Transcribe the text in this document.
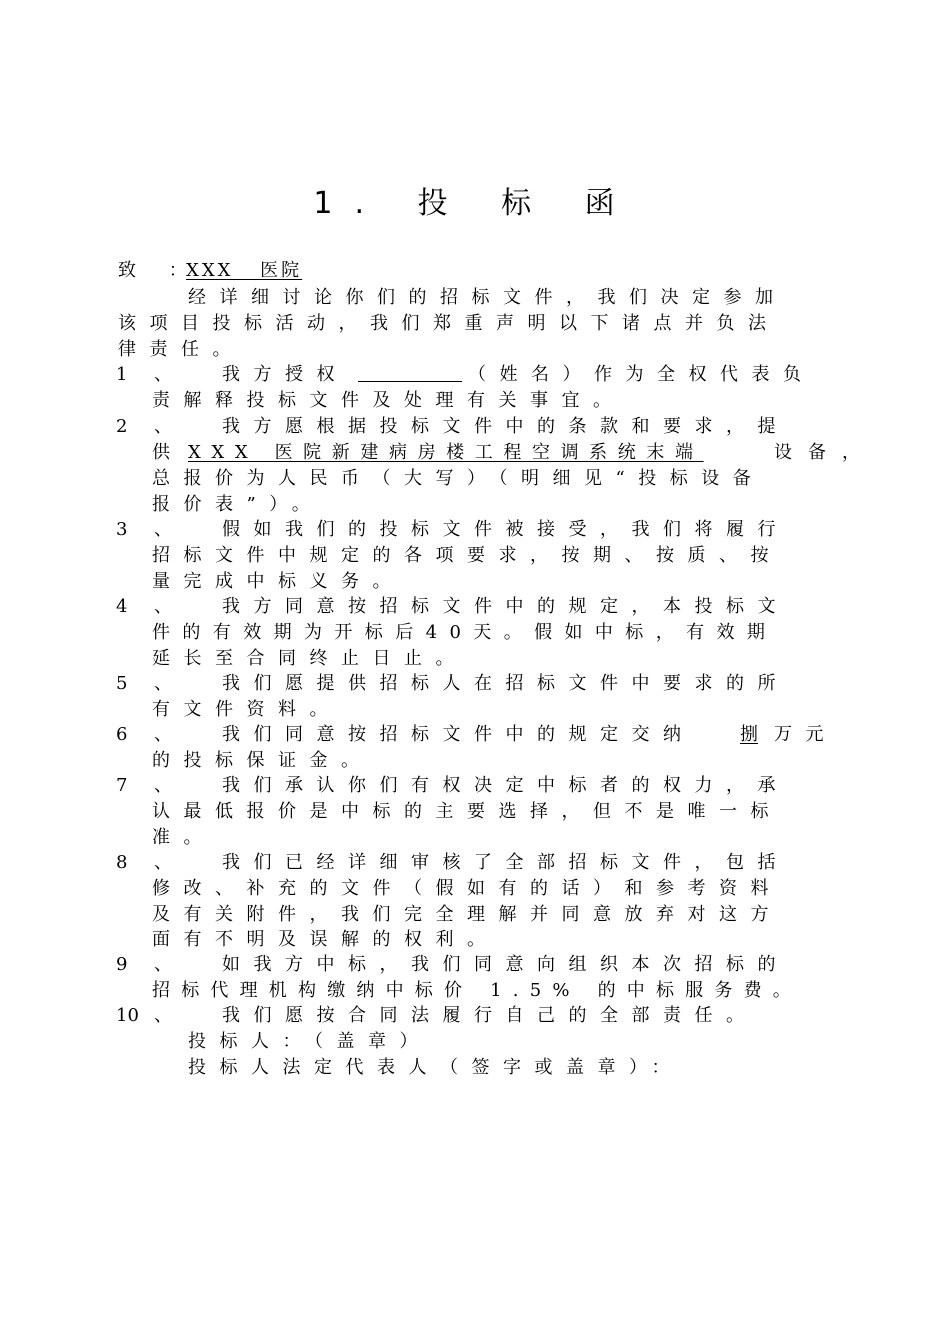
1. 投 标 函
致 ：
XXX 医院
经详细讨论你们的招标文件，我们决定参加
该项目投标活动，我们郑重声明以下诸点并负法
律责任。
1 、	我方授权	（姓名）作为全权代表负
责解释投标文件及处理有关事宜。
2 、	我方愿根据投标文件中的条款和要求，提
供 XXX 医院新建病房楼工程空调系统末端	设备，
总报价为人民币（大写）（明细见“投标设备
报价表”）。
3 、	假如我们的投标文件被接受，我们将履行
招标文件中规定的各项要求，按期、按质、按
量完成中标义务。
4 、	我方同意按招标文件中的规定，本投标文
件的有效期为开标后40天。假如中标，有效期
延长至合同终止日止。
5 、	我们愿提供招标人在招标文件中要求的所
有文件资料。
6 、	我们同意按招标文件中的规定交纳	捌 万元
的投标保证金。
7 、	我们承认你们有权决定中标者的权力，承
认最低报价是中标的主要选择，但不是唯一标
准。
8 、	我们已经详细审核了全部招标文件，包括
修改、补充的文件（假如有的话）和参考资料
及有关附件，我们完全理解并同意放弃对这方
面有不明及误解的权利。
9 、	如我方中标，我们同意向组织本次招标的
招标代理机构缴纳中标价 1.5% 的中标服务费。
10 、	我们愿按合同法履行自己的全部责任。
投标人：（盖章）
投标人法定代表人（签字或盖章）：
